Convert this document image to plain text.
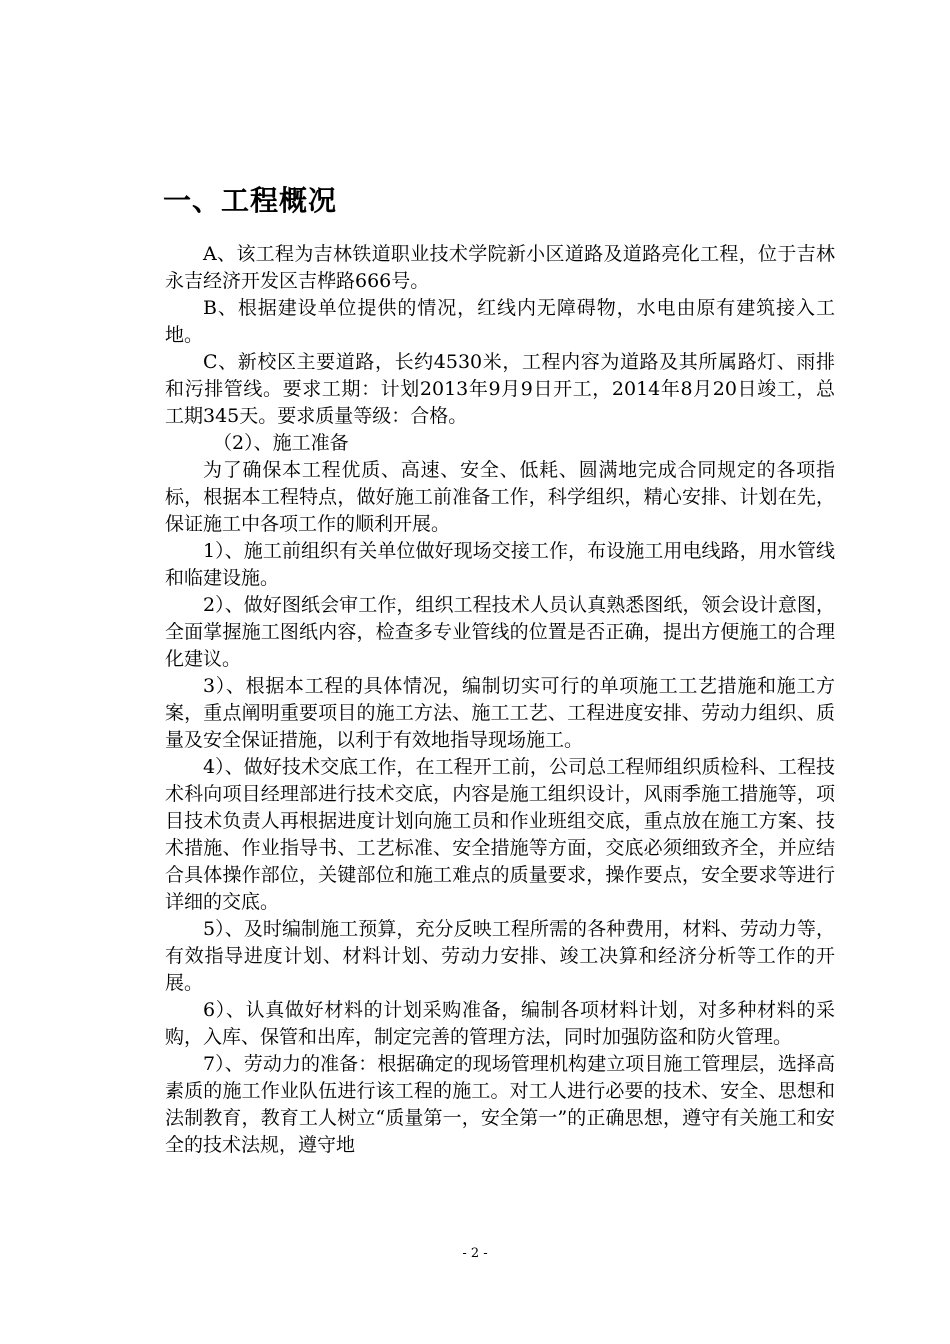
一、工程概况

A、该工程为吉林铁道职业技术学院新小区道路及道路亮化工程，位于吉林永吉经济开发区吉桦路666号。

B、根据建设单位提供的情况，红线内无障碍物，水电由原有建筑接入工地。

C、新校区主要道路，长约4530米，工程内容为道路及其所属路灯、雨排和污排管线。要求工期：计划2013年9月9日开工，2014年8月20日竣工，总工期345天。要求质量等级：合格。

（2）、施工准备

为了确保本工程优质、高速、安全、低耗、圆满地完成合同规定的各项指标，根据本工程特点，做好施工前准备工作，科学组织，精心安排、计划在先，保证施工中各项工作的顺利开展。

1）、施工前组织有关单位做好现场交接工作，布设施工用电线路，用水管线和临建设施。

2）、做好图纸会审工作，组织工程技术人员认真熟悉图纸，领会设计意图，全面掌握施工图纸内容，检查多专业管线的位置是否正确，提出方便施工的合理化建议。

3）、根据本工程的具体情况，编制切实可行的单项施工工艺措施和施工方案，重点阐明重要项目的施工方法、施工工艺、工程进度安排、劳动力组织、质量及安全保证措施，以利于有效地指导现场施工。

4）、做好技术交底工作，在工程开工前，公司总工程师组织质检科、工程技术科向项目经理部进行技术交底，内容是施工组织设计，风雨季施工措施等，项目技术负责人再根据进度计划向施工员和作业班组交底，重点放在施工方案、技术措施、作业指导书、工艺标准、安全措施等方面，交底必须细致齐全，并应结合具体操作部位，关键部位和施工难点的质量要求，操作要点，安全要求等进行详细的交底。

5）、及时编制施工预算，充分反映工程所需的各种费用，材料、劳动力等，有效指导进度计划、材料计划、劳动力安排、竣工决算和经济分析等工作的开展。

6）、认真做好材料的计划采购准备，编制各项材料计划，对多种材料的采购，入库、保管和出库，制定完善的管理方法，同时加强防盗和防火管理。

7）、劳动力的准备：根据确定的现场管理机构建立项目施工管理层，选择高素质的施工作业队伍进行该工程的施工。对工人进行必要的技术、安全、思想和法制教育，教育工人树立“质量第一，安全第一”的正确思想，遵守有关施工和安全的技术法规，遵守地

- 2 -
